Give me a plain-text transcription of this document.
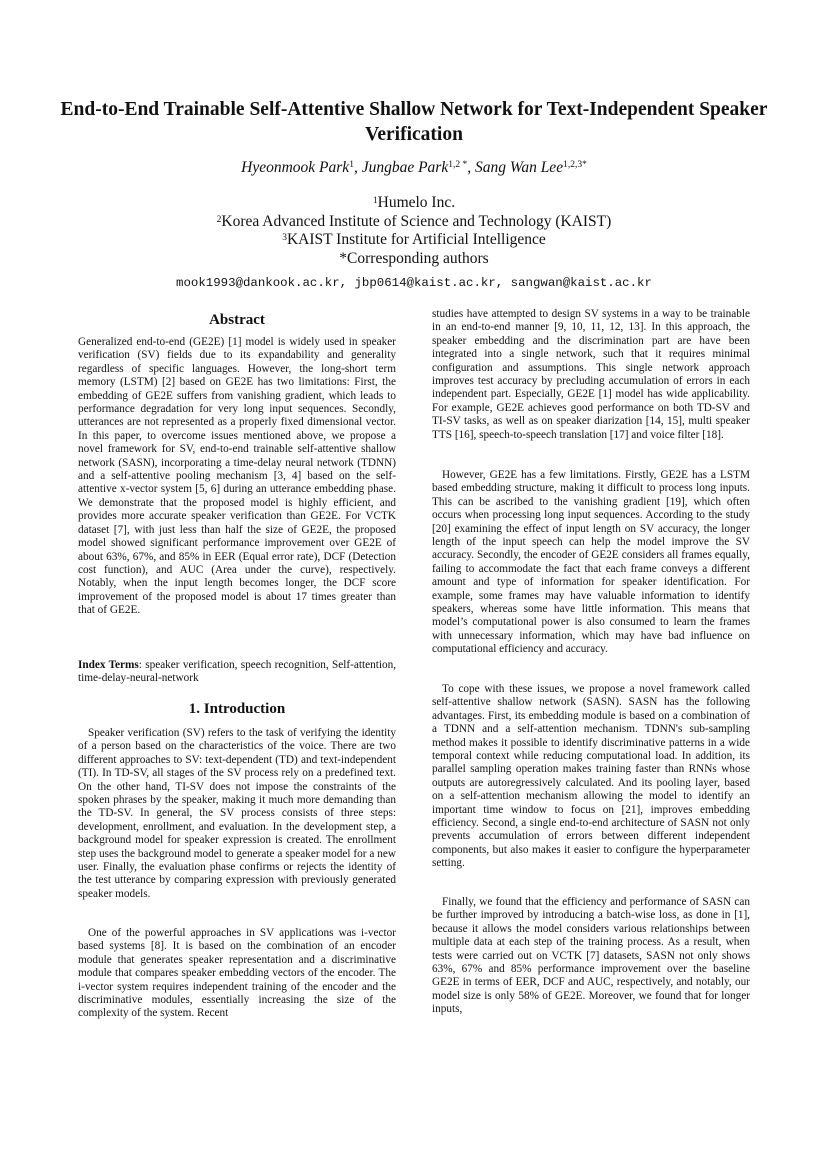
End-to-End Trainable Self-Attentive Shallow Network for Text-Independent Speaker Verification
Hyeonmook Park$^1$, Jungbae Park$^{1,2 *}$, Sang Wan Lee$^{1,2,3*}$
$^1$Humelo Inc.
$^2$Korea Advanced Institute of Science and Technology (KAIST)
$^3$KAIST Institute for Artificial Intelligence
*Corresponding authors
mook1993@dankook.ac.kr, jbp0614@kaist.ac.kr, sangwan@kaist.ac.kr
Abstract

Generalized end-to-end (GE2E) [1] model is widely used in speaker verification (SV) fields due to its expandability and generality regardless of specific languages. However, the long-short term memory (LSTM) [2] based on GE2E has two limitations: First, the embedding of GE2E suffers from vanishing gradient, which leads to performance degradation for very long input sequences. Secondly, utterances are not represented as a properly fixed dimensional vector. In this paper, to overcome issues mentioned above, we propose a novel framework for SV, end-to-end trainable self-attentive shallow network (SASN), incorporating a time-delay neural network (TDNN) and a self-attentive pooling mechanism [3, 4] based on the self-attentive x-vector system [5, 6] during an utterance embedding phase. We demonstrate that the proposed model is highly efficient, and provides more accurate speaker verification than GE2E. For VCTK dataset [7], with just less than half the size of GE2E, the proposed model showed significant performance improvement over GE2E of about 63%, 67%, and 85% in EER (Equal error rate), DCF (Detection cost function), and AUC (Area under the curve), respectively. Notably, when the input length becomes longer, the DCF score improvement of the proposed model is about 17 times greater than that of GE2E.

Index Terms: speaker verification, speech recognition, Self-attention, time-delay-neural-network

1. Introduction

Speaker verification (SV) refers to the task of verifying the identity of a person based on the characteristics of the voice. There are two different approaches to SV: text-dependent (TD) and text-independent (TI). In TD-SV, all stages of the SV process rely on a predefined text. On the other hand, TI-SV does not impose the constraints of the spoken phrases by the speaker, making it much more demanding than the TD-SV. In general, the SV process consists of three steps: development, enrollment, and evaluation. In the development step, a background model for speaker expression is created. The enrollment step uses the background model to generate a speaker model for a new user. Finally, the evaluation phase confirms or rejects the identity of the test utterance by comparing expression with previously generated speaker models.

One of the powerful approaches in SV applications was i-vector based systems [8]. It is based on the combination of an encoder module that generates speaker representation and a discriminative module that compares speaker embedding vectors of the encoder. The i-vector system requires independent training of the encoder and the discriminative modules, essentially increasing the size of the complexity of the system. Recent

studies have attempted to design SV systems in a way to be trainable in an end-to-end manner [9, 10, 11, 12, 13]. In this approach, the speaker embedding and the discrimination part are have been integrated into a single network, such that it requires minimal configuration and assumptions. This single network approach improves test accuracy by precluding accumulation of errors in each independent part. Especially, GE2E [1] model has wide applicability. For example, GE2E achieves good performance on both TD-SV and TI-SV tasks, as well as on speaker diarization [14, 15], multi speaker TTS [16], speech-to-speech translation [17] and voice filter [18].

However, GE2E has a few limitations. Firstly, GE2E has a LSTM based embedding structure, making it difficult to process long inputs. This can be ascribed to the vanishing gradient [19], which often occurs when processing long input sequences. According to the study [20] examining the effect of input length on SV accuracy, the longer length of the input speech can help the model improve the SV accuracy. Secondly, the encoder of GE2E considers all frames equally, failing to accommodate the fact that each frame conveys a different amount and type of information for speaker identification. For example, some frames may have valuable information to identify speakers, whereas some have little information. This means that model’s computational power is also consumed to learn the frames with unnecessary information, which may have bad influence on computational efficiency and accuracy.

To cope with these issues, we propose a novel framework called self-attentive shallow network (SASN). SASN has the following advantages. First, its embedding module is based on a combination of a TDNN and a self-attention mechanism. TDNN's sub-sampling method makes it possible to identify discriminative patterns in a wide temporal context while reducing computational load. In addition, its parallel sampling operation makes training faster than RNNs whose outputs are autoregressively calculated. And its pooling layer, based on a self-attention mechanism allowing the model to identify an important time window to focus on [21], improves embedding efficiency. Second, a single end-to-end architecture of SASN not only prevents accumulation of errors between different independent components, but also makes it easier to configure the hyperparameter setting.

Finally, we found that the efficiency and performance of SASN can be further improved by introducing a batch-wise loss, as done in [1], because it allows the model considers various relationships between multiple data at each step of the training process. As a result, when tests were carried out on VCTK [7] datasets, SASN not only shows 63%, 67% and 85% performance improvement over the baseline GE2E in terms of EER, DCF and AUC, respectively, and notably, our model size is only 58% of GE2E. Moreover, we found that for longer inputs,
